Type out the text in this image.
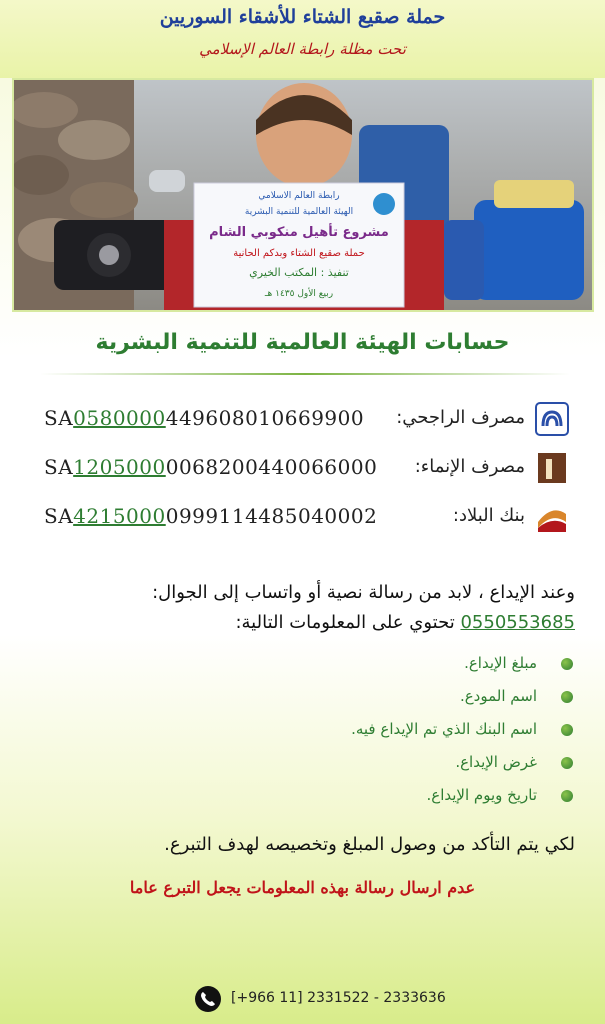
حملة صقيع الشتاء للأشقاء السوريين
تحت مظلة رابطة العالم الإسلامي
رابطة العالم الاسلامي
الهيئة العالمية للتنمية البشرية
مشروع تأهيل منكوبي الشام
حملة صقيع الشتاء وبدكم الحانية
تنفيذ : المكتب الخيري
ربيع الأول ١٤٣٥ هـ
حسابات الهيئة العالمية للتنمية البشرية
SA0580000449608010669900 مصرف الراجحي:
SA12050000068200440066000 مصرف الإنماء:
SA42150000999114485040002	بنك البلاد:
وعند الإيداع ، لابد من رسالة نصية أو واتساب إلى الجوال:
0550553685 تحتوي على المعلومات التالية:
مبلغ الإيداع.
اسم المودع.
اسم البنك الذي تم الإيداع فيه.
غرض الإيداع.
تاريخ ويوم الإيداع.
لكي يتم التأكد من وصول المبلغ وتخصيصه لهدف التبرع.
عدم ارسال رسالة بهذه المعلومات يجعل التبرع عاما
[+966 11] 2331522 - 2333636
